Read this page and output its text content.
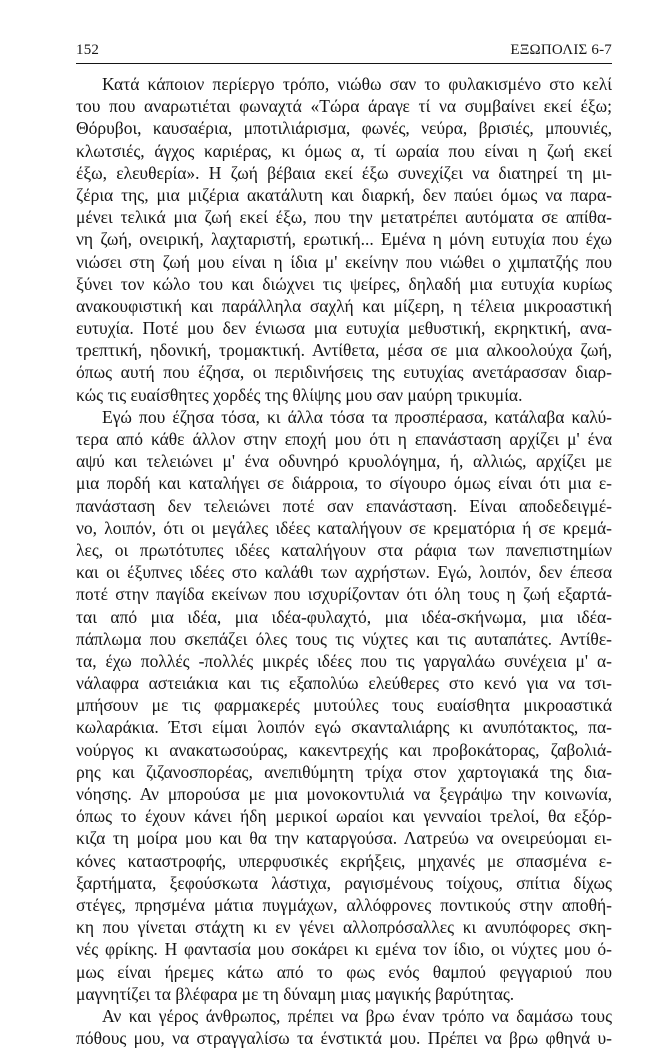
152	ΕΞΩΠΟΛΙΣ 6-7
Κατά κάποιον περίεργο τρόπο, νιώθω σαν το φυλακισμένο στο κελί
του που αναρωτιέται φωναχτά «Τώρα άραγε τί να συμβαίνει εκεί έξω;
Θόρυβοι, καυσαέρια, μποτιλιάρισμα, φωνές, νεύρα, βρισιές, μπουνιές,
κλωτσιές, άγχος καριέρας, κι όμως α, τί ωραία που είναι η ζωή εκεί
έξω, ελευθερία». Η ζωή βέβαια εκεί έξω συνεχίζει να διατηρεί τη μι-
ζέρια της, μια μιζέρια ακατάλυτη και διαρκή, δεν παύει όμως να παρα-
μένει τελικά μια ζωή εκεί έξω, που την μετατρέπει αυτόματα σε απίθα-
νη ζωή, ονειρική, λαχταριστή, ερωτική... Εμένα η μόνη ευτυχία που έχω
νιώσει στη ζωή μου είναι η ίδια μ' εκείνην που νιώθει ο χιμπατζής που
ξύνει τον κώλο του και διώχνει τις ψείρες, δηλαδή μια ευτυχία κυρίως
ανακουφιστική και παράλληλα σαχλή και μίζερη, η τέλεια μικροαστική
ευτυχία. Ποτέ μου δεν ένιωσα μια ευτυχία μεθυστική, εκρηκτική, ανα-
τρεπτική, ηδονική, τρομακτική. Αντίθετα, μέσα σε μια αλκοολούχα ζωή,
όπως αυτή που έζησα, οι περιδινήσεις της ευτυχίας ανετάρασσαν διαρ-
κώς τις ευαίσθητες χορδές της θλίψης μου σαν μαύρη τρικυμία.
Εγώ που έζησα τόσα, κι άλλα τόσα τα προσπέρασα, κατάλαβα καλύ-
τερα από κάθε άλλον στην εποχή μου ότι η επανάσταση αρχίζει μ' ένα
αψύ και τελειώνει μ' ένα οδυνηρό κρυολόγημα, ή, αλλιώς, αρχίζει με
μια πορδή και καταλήγει σε διάρροια, το σίγουρο όμως είναι ότι μια ε-
πανάσταση δεν τελειώνει ποτέ σαν επανάσταση. Είναι αποδεδειγμέ-
νο, λοιπόν, ότι οι μεγάλες ιδέες καταλήγουν σε κρεματόρια ή σε κρεμά-
λες, οι πρωτότυπες ιδέες καταλήγουν στα ράφια των πανεπιστημίων
και οι έξυπνες ιδέες στο καλάθι των αχρήστων. Εγώ, λοιπόν, δεν έπεσα
ποτέ στην παγίδα εκείνων που ισχυρίζονταν ότι όλη τους η ζωή εξαρτά-
ται από μια ιδέα, μια ιδέα-φυλαχτό, μια ιδέα-σκήνωμα, μια ιδέα-
πάπλωμα που σκεπάζει όλες τους τις νύχτες και τις αυταπάτες. Αντίθε-
τα, έχω πολλές -πολλές μικρές ιδέες που τις γαργαλάω συνέχεια μ' α-
νάλαφρα αστειάκια και τις εξαπολύω ελεύθερες στο κενό για να τσι-
μπήσουν με τις φαρμακερές μυτούλες τους ευαίσθητα μικροαστικά
κωλαράκια. Έτσι είμαι λοιπόν εγώ σκανταλιάρης κι ανυπότακτος, πα-
νούργος κι ανακατωσούρας, κακεντρεχής και προβοκάτορας, ζαβολιά-
ρης και ζιζανοσπορέας, ανεπιθύμητη τρίχα στον χαρτογιακά της δια-
νόησης. Αν μπορούσα με μια μονοκοντυλιά να ξεγράψω την κοινωνία,
όπως το έχουν κάνει ήδη μερικοί ωραίοι και γενναίοι τρελοί, θα εξόρ-
κιζα τη μοίρα μου και θα την καταργούσα. Λατρεύω να ονειρεύομαι ει-
κόνες καταστροφής, υπερφυσικές εκρήξεις, μηχανές με σπασμένα ε-
ξαρτήματα, ξεφούσκωτα λάστιχα, ραγισμένους τοίχους, σπίτια δίχως
στέγες, πρησμένα μάτια πυγμάχων, αλλόφρονες ποντικούς στην αποθή-
κη που γίνεται στάχτη κι εν γένει αλλοπρόσαλλες κι ανυπόφορες σκη-
νές φρίκης. Η φαντασία μου σοκάρει κι εμένα τον ίδιο, οι νύχτες μου ό-
μως είναι ήρεμες κάτω από το φως ενός θαμπού φεγγαριού που
μαγνητίζει τα βλέφαρα με τη δύναμη μιας μαγικής βαρύτητας.
Αν και γέρος άνθρωπος, πρέπει να βρω έναν τρόπο να δαμάσω τους
πόθους μου, να στραγγαλίσω τα ένστικτά μου. Πρέπει να βρω φθηνά υ-
